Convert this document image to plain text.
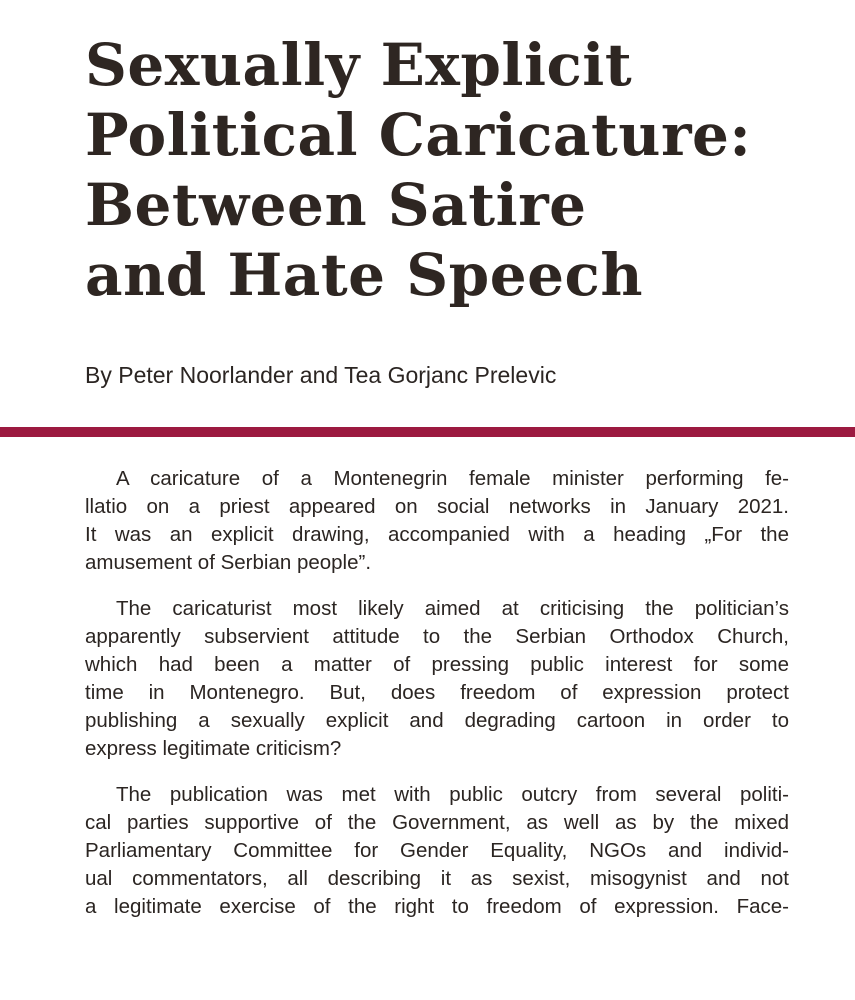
Sexually Explicit
Political Caricature:
Between Satire
and Hate Speech
By Peter Noorlander and Tea Gorjanc Prelevic
A caricature of a Montenegrin female minister performing fe-
llatio on a priest appeared on social networks in January 2021.
It was an explicit drawing, accompanied with a heading „For the
amusement of Serbian people”.
The caricaturist most likely aimed at criticising the politician’s
apparently subservient attitude to the Serbian Orthodox Church,
which had been a matter of pressing public interest for some
time in Montenegro. But, does freedom of expression protect
publishing a sexually explicit and degrading cartoon in order to
express legitimate criticism?
The publication was met with public outcry from several politi-
cal parties supportive of the Government, as well as by the mixed
Parliamentary Committee for Gender Equality, NGOs and individ-
ual commentators, all describing it as sexist, misogynist and not
a legitimate exercise of the right to freedom of expression. Face-
